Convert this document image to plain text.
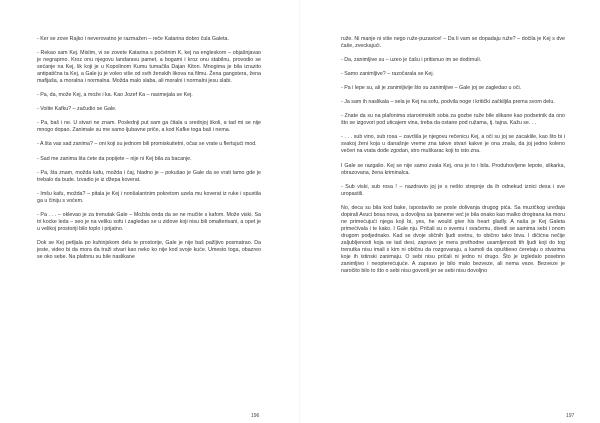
- Ker se zove Rajko i neverovatno je razmažen – reče Katarina dobro čula Galeta.

- Rekao sam Kej. Mislim, vi se zovete Katarina s početnim K, kej na engleskom – objašnjavao je negraprno. Kroz onu njegovu landaravu pamet, a bogami i kroz onu stabilnu, provodio se sećanje na Kej, lik koji je u Kopolinom Kumu tumačila Dajan Kiton. Mnogima je bila izrazito antipatična ta Kej, a Gale ju je voleo više od svih ženskih likova na filmu. Žena gangstera, žena mafijaša, a moralna i normalna. Možda malo slaba, ali moralni i normalni jesu slabi.

- Pa, da, može Kej, a može i ka. Kao Jozef Ka – nasmejala se Kej.

- Volite Kafku? – začudio se Gale.

- Pa, baš i ne. U stvari ne znam. Poslednji put sam ga čitala u srednjoj školi, a tad mi se nije mnogo dopao. Zanimale su me samo ljubavne priče, a kod Kafke toga baš i nema.

- A šta vas sad zanima? – oni koji su jednom bili promiskuitetni, očas se vrate u flertujući mod.

- Sad me zanima šta ćete da popijete – nije ni Kej bila za bacanje.

- Pa, šta znam, možda kafu, možda i čaj, hladno je – pokušao je Gale da se vrati tamo gde je trebalo da bude. Izvadio je iz džepa koverat.

- Imšu kafu, možda? – pitala je Kej i nonšalantnim pokretom uzela mu koverat iz ruke i spustila ga u činiju s voćem.

- Pa . . . – oklevao je za trenutak Gale – Možda onda da se ne mučite s kafom. Može viski. Sa tri kocke leda – seo je na veliku sofu i zagledao se u zidove koji nisu bili omalterisani, a opet je u velikoj prostoriji bilo toplo i prijatno.

Dok se Kej petljala po kuhinjskom delu te prostorije, Gale je nije baš pažljivo posmatrao. Da jeste, video bi da mora da traži stvari kao neko ko nije kod svoje kuće. Umesto toga, obazreo se oko sebe. Na plafonu su bile naslikane

196

ruže. Ni manje ni više nego ruže-puzavice! – Da li vam se dopadaju ruže? – dočila je Kej s dve čaše, zveckajući.

- Da, zanimljive su – uzeo je čašu i pritisnuo im se dodirnuli.

- Samo zanimljive? – razočarala se Kej.

- Pa i lepe su, ali je zanimljivije što su zanimljive – Gale joj se zagledao u oči.

- Ja sam ih naslikala – sela je Kej na sofu, podvila noge i kritički začkiljila prema svom delu.

- Znate da su na plafonima starorimskih soba za gozbe ruže bile slikane kao podsetnik da ono što se izgovori pod uticajem vina, treba da ostane pod ružama, tj. tajna. Kažu se. . .

- . . . sub vino, sub rosa – završila je njegovu rečenicu Kej, a oči su joj se zacaklile, kao što bi i svakoj ženi koja u današnje vreme zna takve stvari kakve je ona znala, da joj jedno koleno večeri na vrata dođe zgodan, stro muškarac koji to isto zna.

I Gale se razgalio. Kej se nije samo zvala Kej, ona je to i bila. Produhovljene lepote, slikarka, obrazovana, žena kriminalca.

- Sub viski, sub rosa ! – nazdravio joj je s nešto strepnje da ih odnekud iznici desa i sve uropastili.

No, deca su bila kod bake, ispostavilo se posle dolivanja drugog pića. Sa muzičkog uređaja dopirali Avuci bosa nova, a dovoljna sa lpaneme već je bila onako kao malko drogirana ka moru ne primećujući njega koji bi, yes, he would give his heart gladly. A naša je Kej Galeta primećivala i te kako. I Gale nju. Pričali su o svemu i svačemu, divedi se samima sebi i onom drugom podjednako. Kad se dvoje sličnih ljudi sretnu, to obično tako biva. I dičićna nečije zaljubljenosti koja se tad desi, zapravo je mera prethodne usamljenosti tih ljudi koji do tog trenutka nisu imali s kim ni običnu da rozgovaraju, a kamoli da opuštiено ćeretaju o stvarima koje ih istinski zanimaju. O sebi nisu pričali ni jedno ni drugo. Što je izgledalo posebno zanimljivo i neopterećujuće. A zapravo je bilo malo bezveze, ali nema veze. Bezveze je naročito bilo to što o sebi nisu govorili jer se sebi nisu dovoljno

197
